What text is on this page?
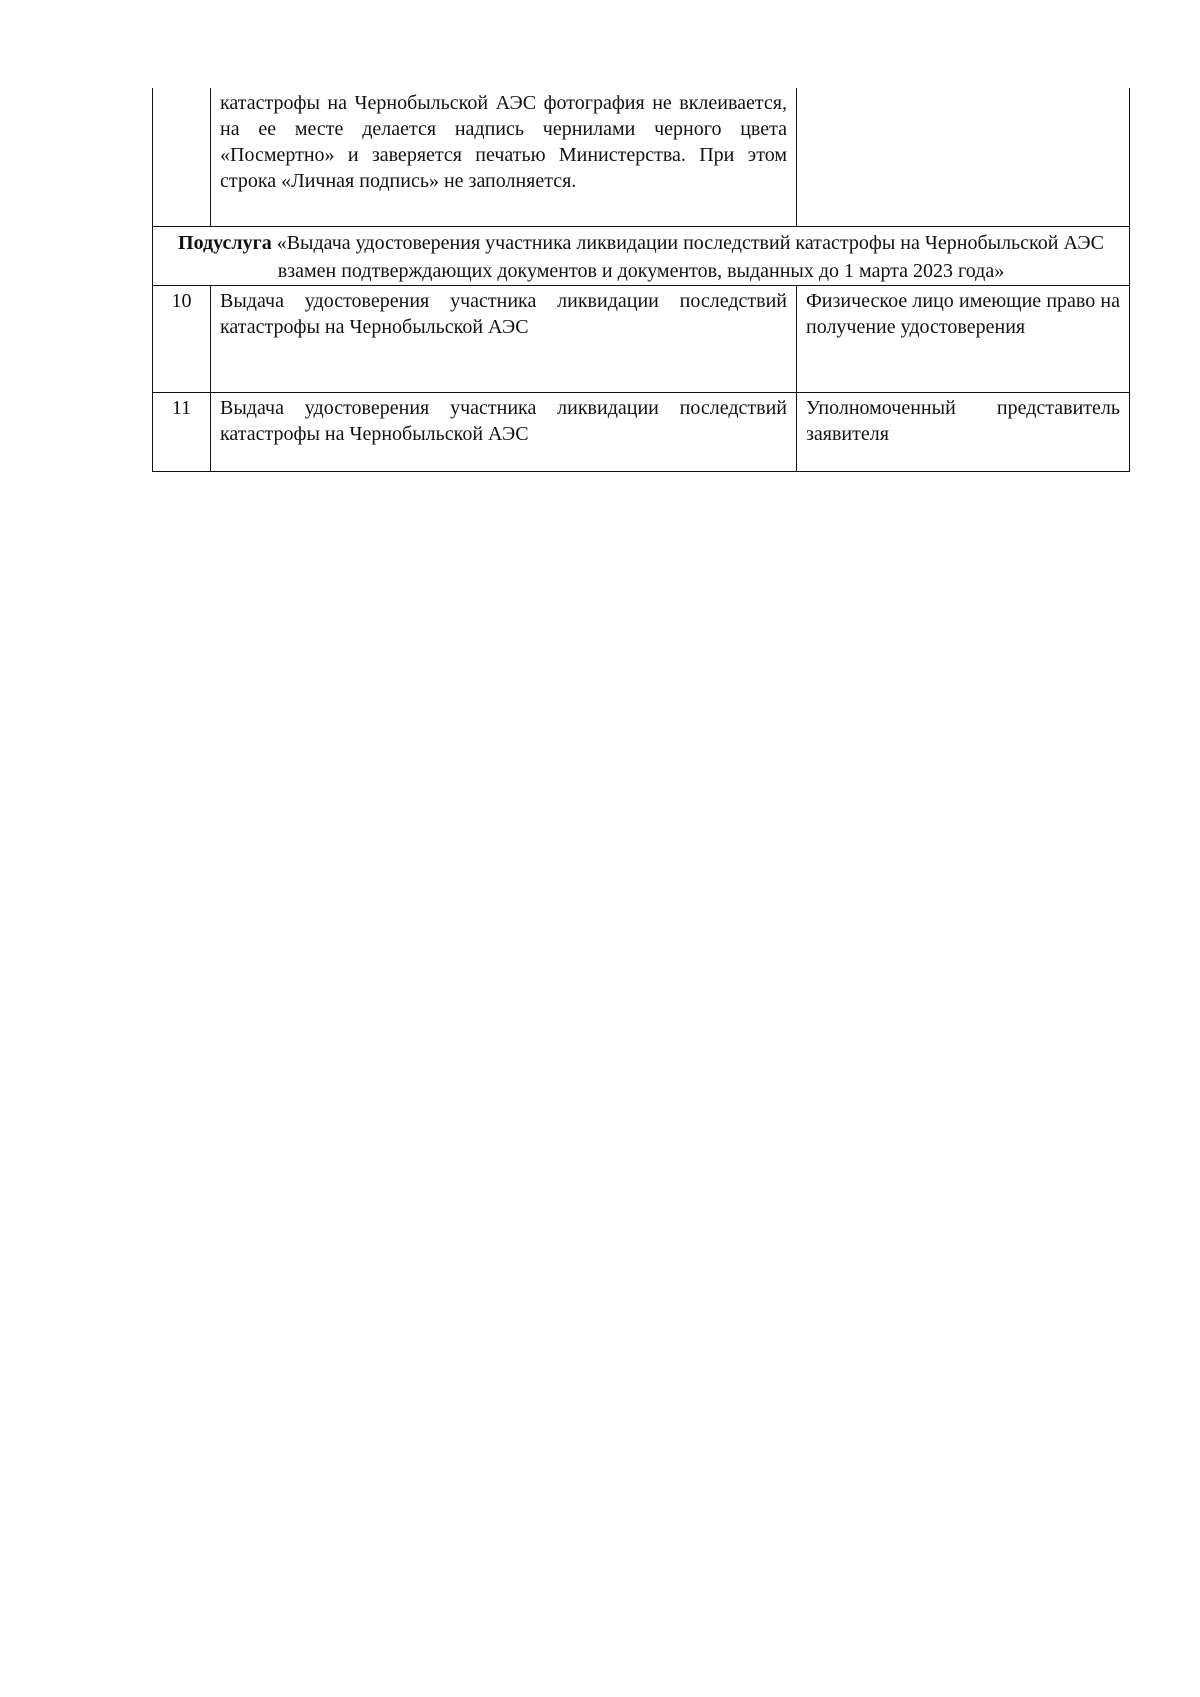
	катастрофы на Чернобыльской АЭС фотография не вклеивается, на ее месте делается надпись чернилами черного цвета «Посмертно» и заверяется печатью Министерства. При этом строка «Личная подпись» не заполняется.	
Подуслуга «Выдача удостоверения участника ликвидации последствий катастрофы на Чернобыльской АЭС взамен подтверждающих документов и документов, выданных до 1 марта 2023 года»		
10	Выдача удостоверения участника ликвидации последствий катастрофы на Чернобыльской АЭС	Физическое лицо имеющие право на получение удостоверения
11	Выдача удостоверения участника ликвидации последствий катастрофы на Чернобыльской АЭС	Уполномоченный представитель заявителя
